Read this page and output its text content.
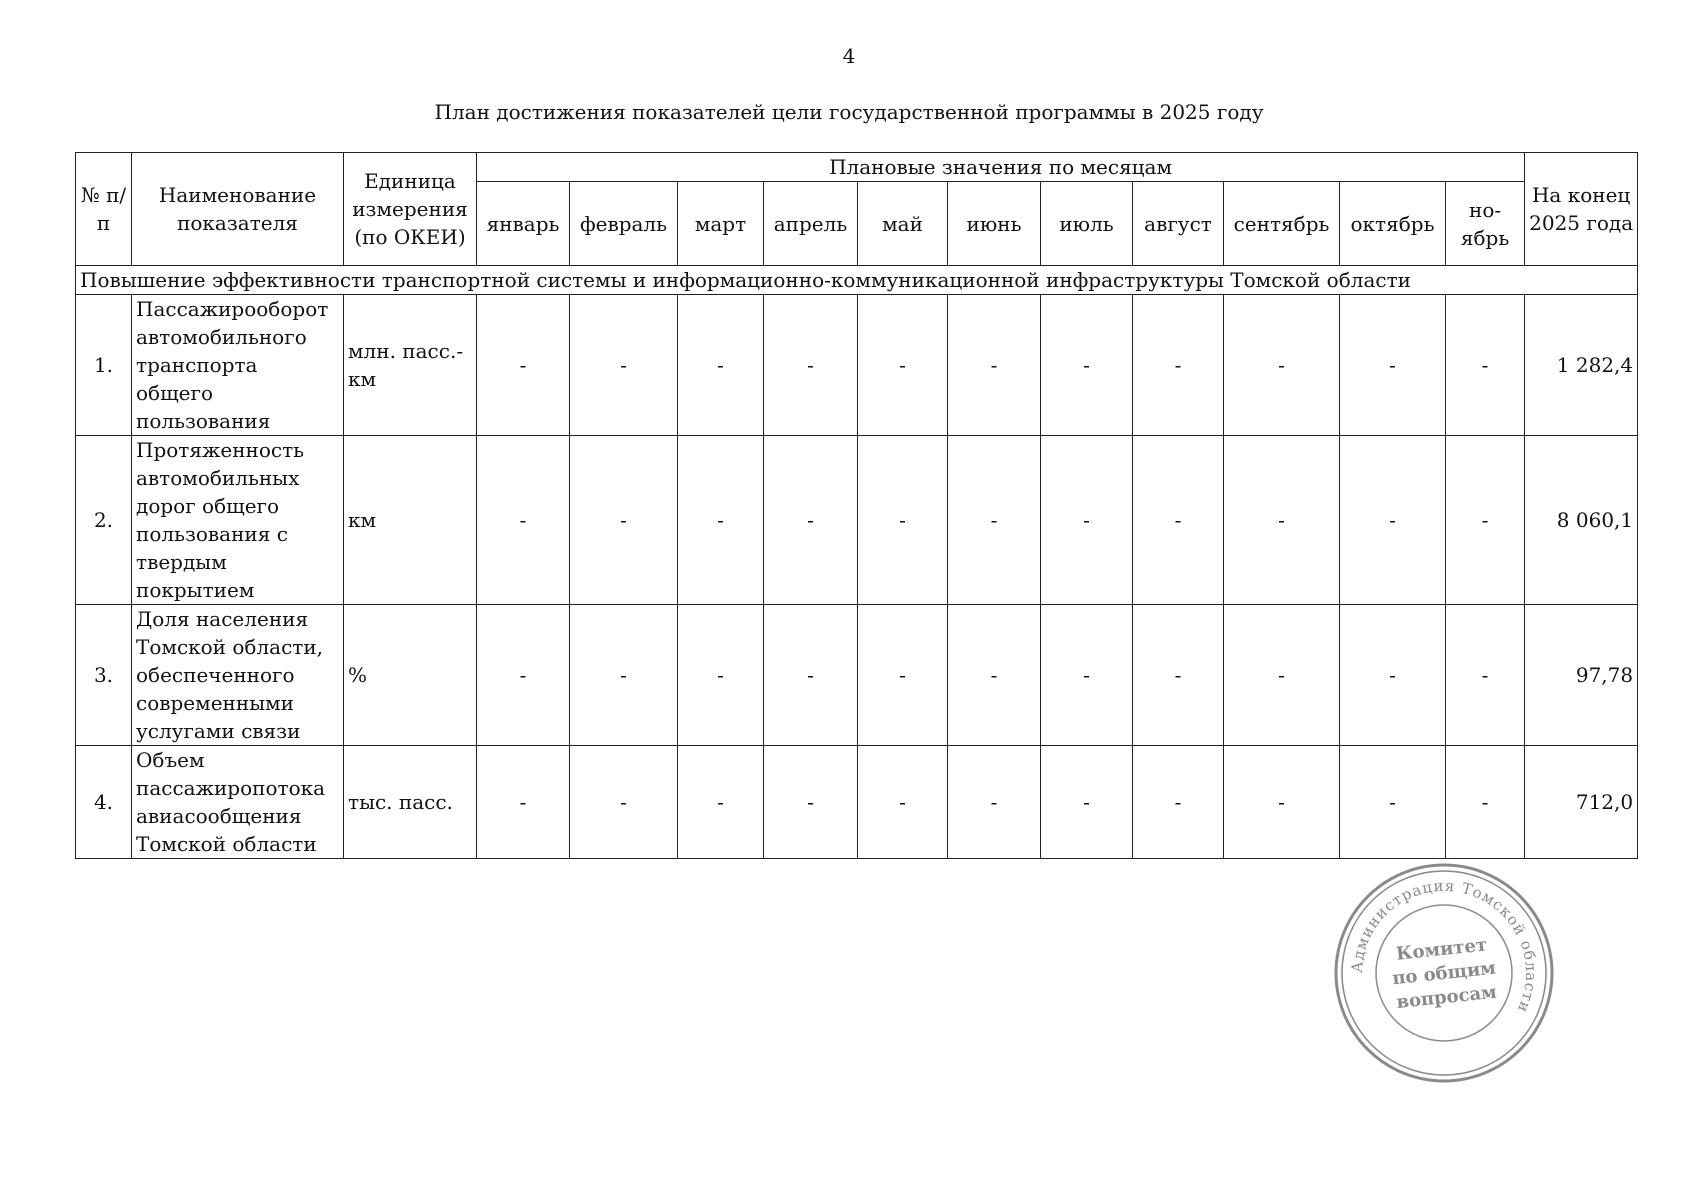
4
План достижения показателей цели государственной программы в 2025 году
№ п/п	Наименование показателя	Единица измерения (по ОКЕИ)	Плановые значения по месяцам											На конец 2025 года
			январь	февраль	март	апрель	май	июнь	июль	август	сентябрь	октябрь	но-ябрь	
Повышение эффективности транспортной системы и информационно-коммуникационной инфраструктуры Томской области														
1.	Пассажирооборот автомобильного транспорта общего пользования	млн. пасс.-км	-	-	-	-	-	-	-	-	-	-	-	1 282,4
2.	Протяженность автомобильных дорог общего пользования с твердым покрытием	км	-	-	-	-	-	-	-	-	-	-	-	8 060,1
3.	Доля населения Томской области, обеспеченного современными услугами связи	%	-	-	-	-	-	-	-	-	-	-	-	97,78
4.	Объем пассажиропотока авиасообщения Томской области	тыс. пасс.	-	-	-	-	-	-	-	-	-	-	-	712,0
Администрация Томской области
Комитет
по общим
вопросам
